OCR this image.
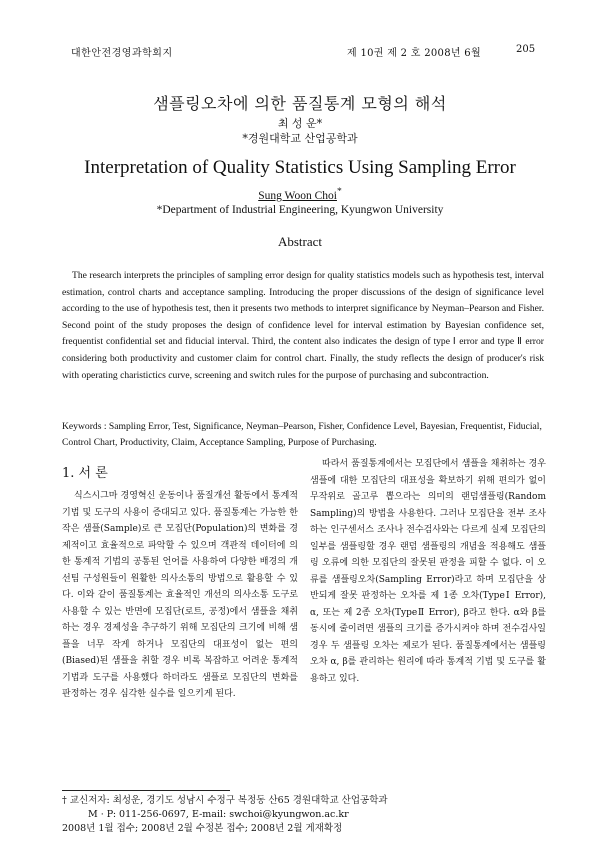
대한안전경영과학회지	제 10권 제 2 호 2008년 6월	205
샘플링오차에 의한 품질통계 모형의 해석
최 성 운*
*경원대학교 산업공학과
Interpretation of Quality Statistics Using Sampling Error
Sung Woon Choi*
*Department of Industrial Engineering, Kyungwon University
Abstract
The research interprets the principles of sampling error design for quality statistics models such as hypothesis test, interval estimation, control charts and acceptance sampling. Introducing the proper discussions of the design of significance level according to the use of hypothesis test, then it presents two methods to interpret significance by Neyman–Pearson and Fisher. Second point of the study proposes the design of confidence level for interval estimation by Bayesian confidence set, frequentist confidential set and fiducial interval. Third, the content also indicates the design of type Ⅰ error and type Ⅱ error considering both productivity and customer claim for control chart. Finally, the study reflects the design of producer's risk with operating charistictics curve, screening and switch rules for the purpose of purchasing and subcontraction.
Keywords : Sampling Error, Test, Significance, Neyman–Pearson, Fisher, Confidence Level, Bayesian, Frequentist, Fiducial, Control Chart, Productivity, Claim, Acceptance Sampling, Purpose of Purchasing.
1. 서 론
식스시그마 경영혁신 운동이나 품질개선 활동에서 통계적 기법 및 도구의 사용이 증대되고 있다. 품질통계는 가능한 한 작은 샘플(Sample)로 큰 모집단(Population)의 변화를 경제적이고 효율적으로 파악할 수 있으며 객관적 데이터에 의한 통계적 기법의 공통된 언어를 사용하여 다양한 배경의 개선팀 구성원들이 원활한 의사소통의 방법으로 활용할 수 있다. 이와 같이 품질통계는 효율적인 개선의 의사소통 도구로 사용할 수 있는 반면에 모집단(로트, 공정)에서 샘플을 채취하는 경우 경제성을 추구하기 위해 모집단의 크기에 비해 샘플을 너무 작게 하거나 모집단의 대표성이 없는 편의(Biased)된 샘플을 취할 경우 비록 복잡하고 어려운 통계적 기법과 도구를 사용했다 하더라도 샘플로 모집단의 변화를 판정하는 경우 심각한 실수를 일으키게 된다.
따라서 품질통계에서는 모집단에서 샘플을 채취하는 경우 샘플에 대한 모집단의 대표성을 확보하기 위해 편의가 없이 무작위로 골고루 뽑으라는 의미의 랜덤샘플링(Random Sampling)의 방법을 사용한다. 그러나 모집단을 전부 조사하는 인구센서스 조사나 전수검사와는 다르게 실제 모집단의 일부를 샘플링할 경우 랜덤 샘플링의 개념을 적용해도 샘플링 오류에 의한 모집단의 잘못된 판정을 피할 수 없다. 이 오류를 샘플링오차(Sampling Error)라고 하며 모집단을 상반되게 잘못 판정하는 오차를 제 1종 오차(TypeⅠ Error), α, 또는 제 2종 오차(TypeⅡ Error), β라고 한다. α와 β를 동시에 줄이려면 샘플의 크기를 증가시켜야 하며 전수검사일 경우 두 샘플링 오차는 제로가 된다. 품질통계에서는 샘플링오차 α, β를 관리하는 원리에 따라 통계적 기법 및 도구를 활용하고 있다.
† 교신저자: 최성운, 경기도 성남시 수정구 복정동 산65 경원대학교 산업공학과
M · P: 011-256-0697, E-mail: swchoi@kyungwon.ac.kr
2008년 1월 접수; 2008년 2월 수정본 접수; 2008년 2월 게재확정
